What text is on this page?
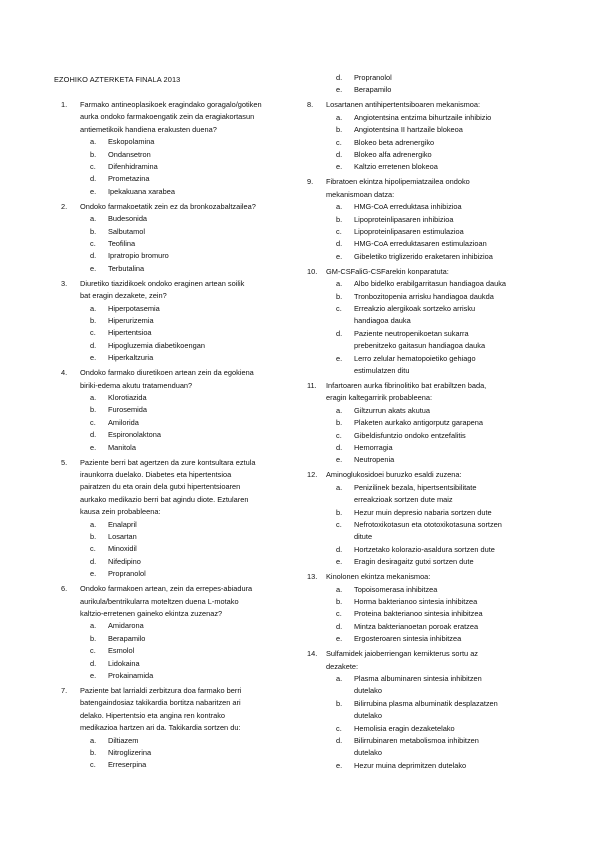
EZOHIKO AZTERKETA FINALA 2013
1. Farmako antineoplasikoek eragindako goragalo/gotiken
aurka ondoko farmakoengatik zein da eragiakortasun
antiemetikoik handiena erakusten duena?
a. Eskopolamina
b. Ondansetron
c. Difenhidramina
d. Prometazina
e. Ipekakuana xarabea
2. Ondoko farmakoetatik zein ez da bronkozabaltzailea?
a. Budesonida
b. Salbutamol
c. Teofilina
d. Ipratropio bromuro
e. Terbutalina
3. Diuretiko tiazidikoek ondoko eraginen artean soilik
bat eragin dezakete, zein?
a. Hiperpotasemia
b. Hiperurizemia
c. Hipertentsioa
d. Hipogluzemia diabetikoengan
e. Hiperkaltzuria
4. Ondoko farmako diuretikoen artean zein da egokiena
biriki-edema akutu tratamenduan?
a. Klorotiazida
b. Furosemida
c. Amilorida
d. Espironolaktona
e. Manitola
5. Paziente berri bat agertzen da zure kontsultara eztula
iraunkorra duelako. Diabetes eta hipertentsioa
pairatzen du eta orain dela gutxi hipertentsioaren
aurkako medikazio berri bat agindu diote. Eztularen
kausa zein probableena:
a. Enalapril
b. Losartan
c. Minoxidil
d. Nifedipino
e. Propranolol
6. Ondoko farmakoen artean, zein da errepes-abiadura
aurikula/bentrikularra moteltzen duena L-motako
kaltzio-erretenen gaineko ekintza zuzenaz?
a. Amidarona
b. Berapamilo
c. Esmolol
d. Lidokaina
e. Prokainamida
7. Paziente bat larrialdi zerbitzura doa farmako berri
batengaindosiaz takikardia bortitza nabaritzen ari
delako. Hipertentsio eta angina ren kontrako
medikazioa hartzen ari da. Takikardia sortzen du:
a. Diltiazem
b. Nitroglizerina
c. Erreserpina
d. Propranolol
e. Berapamilo
8. Losartanen antihipertentsiboaren mekanismoa:
a. Angiotentsina entzima bihurtzaile inhibizio
b. Angiotentsina II hartzaile blokeoa
c. Blokeo beta adrenergiko
d. Blokeo alfa adrenergiko
e. Kaltzio erretenen blokeoa
9. Fibratoen ekintza hipolipemiatzailea ondoko
mekanismoan datza:
a. HMG-CoA erreduktasa inhibizioa
b. Lipoproteinlipasaren inhibizioa
c. Lipoproteinlipasaren estimulazioa
d. HMG-CoA erreduktasaren estimulazioan
e. Gibeletiko triglizerido eraketaren inhibizioa
10. GM-CSFaliG-CSFarekin konparatuta:
a. Albo bidelko erabilgarritasun handiagoa dauka
b. Tronbozitopenia arrisku handiagoa daukda
c. Erreakzio alergikoak sortzeko arrisku
handiagoa dauka
d. Paziente neutropenikoetan sukarra
prebenitzeko gaitasun handiagoa dauka
e. Lerro zelular hematopoietiko gehiago
estimulatzen ditu
11. Infartoaren aurka fibrinolitiko bat erabiltzen bada,
eragin kaltegarririk probableena:
a. Giltzurrun akats akutua
b. Plaketen aurkako antigorputz garapena
c. Gibeldisfuntzio ondoko entzefalitis
d. Hemorragia
e. Neutropenia
12. Aminoglukosidoei buruzko esaldi zuzena:
a. Penizilinek bezala, hipertsentsibilitate
erreakzioak sortzen dute maiz
b. Hezur muin depresio nabaria sortzen dute
c. Nefrotoxikotasun eta ototoxikotasuna sortzen
ditute
d. Hortzetako koloraziо-asaldura sortzen dute
e. Eragin desiragaitz gutxi sortzen dute
13. Kinolonen ekintza mekanismoa:
a. Topoisomerasa inhibitzea
b. Horma bakterianoo sintesia inhibitzea
c. Proteina bakterianoo sintesia inhibitzea
d. Mintza bakterianoetan poroak eratzea
e. Ergosteroaren sintesia inhibitzea
14. Sulfamidek jaioberriengan kernikterus sortu az
dezakete:
a. Plasma albuminaren sintesia inhibitzen
dutelako
b. Bilirrubina plasma albuminatik desplazatzen
dutelako
c. Hemolisia eragin dezaketelako
d. Bilirrubinaren metabolismoa inhibitzen
dutelako
e. Hezur muina deprimitzen dutelako
